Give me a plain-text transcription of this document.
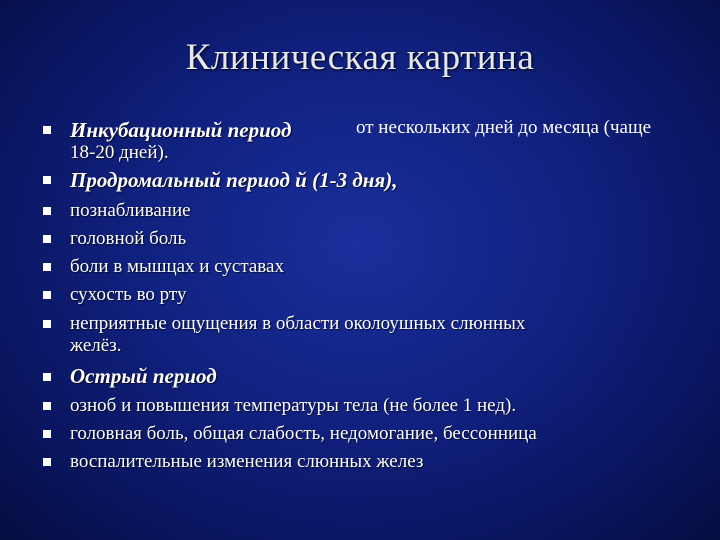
Клиническая картина
Инкубационный период	от нескольких дней до месяца (чаще
18-20 дней).
Продромальный период й (1-3 дня),
познабливание
головной боль
боли в мышцах и суставах
сухость во рту
неприятные ощущения в области околоушных слюнных
желёз.
Острый период
озноб и повышения температуры тела (не более 1 нед).
головная боль, общая слабость, недомогание, бессонница
воспалительные изменения слюнных желез
